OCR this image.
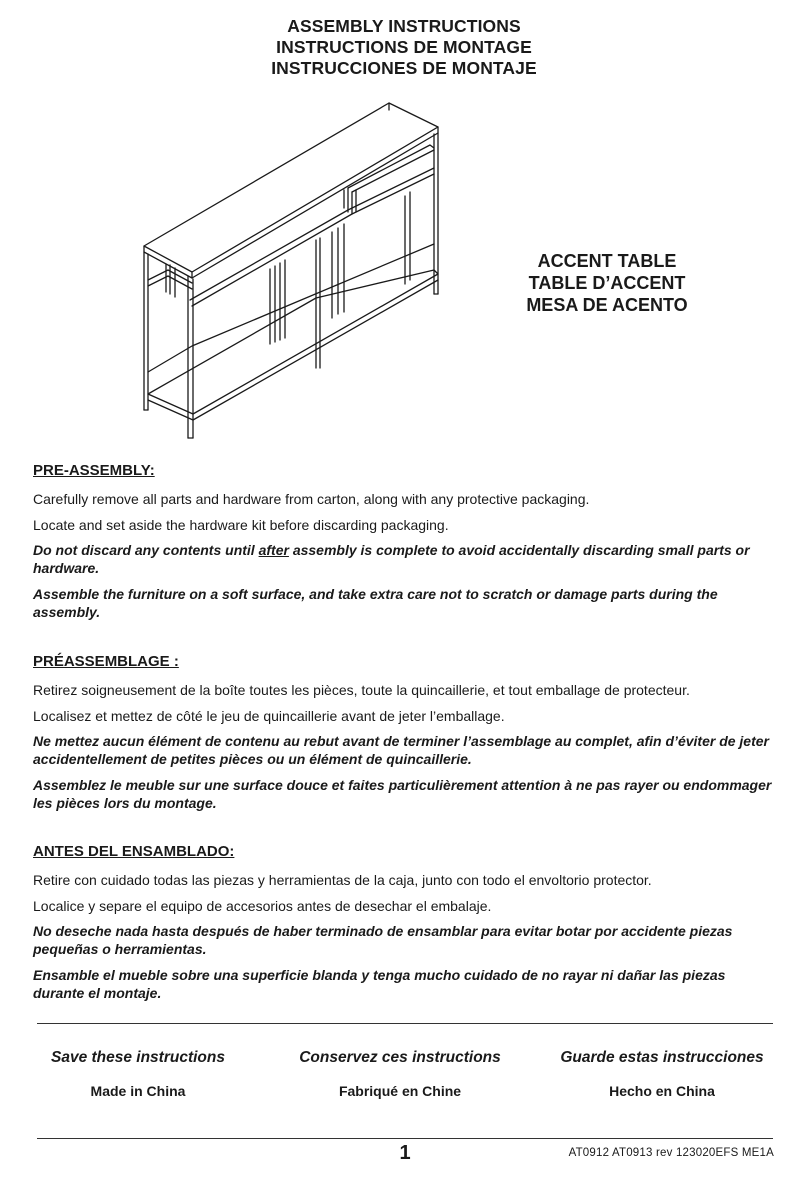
ASSEMBLY INSTRUCTIONS
INSTRUCTIONS DE MONTAGE
INSTRUCCIONES DE MONTAJE
ACCENT TABLE
TABLE D’ACCENT
MESA DE ACENTO
PRE-ASSEMBLY:

Carefully remove all parts and hardware from carton, along with any protective packaging.

Locate and set aside the hardware kit before discarding packaging.

Do not discard any contents until after assembly is complete to avoid accidentally discarding small parts or hardware.

Assemble the furniture on a soft surface, and take extra care not to scratch or damage parts during the assembly.

PRÉASSEMBLAGE :

Retirez soigneusement de la boîte toutes les pièces, toute la quincaillerie, et tout emballage de protecteur.

Localisez et mettez de côté le jeu de quincaillerie avant de jeter l’emballage.

Ne mettez aucun élément de contenu au rebut avant de terminer l’assemblage au complet, afin d’éviter de jeter accidentellement de petites pièces ou un élément de quincaillerie.

Assemblez le meuble sur une surface douce et faites particulièrement attention à ne pas rayer ou endommager les pièces lors du montage.

ANTES DEL ENSAMBLADO:

Retire con cuidado todas las piezas y herramientas de la caja, junto con todo el envoltorio protector.

Localice y separe el equipo de accesorios antes de desechar el embalaje.

No deseche nada hasta después de haber terminado de ensamblar para evitar botar por accidente piezas pequeñas o herramientas.

Ensamble el mueble sobre una superficie blanda y tenga mucho cuidado de no rayar ni dañar las piezas durante el montaje.

Save these instructions
Made in China
Conservez ces instructions
Fabriqué en Chine
Guarde estas instrucciones
Hecho en China
1	AT0912 AT0913 rev 123020EFS ME1A
